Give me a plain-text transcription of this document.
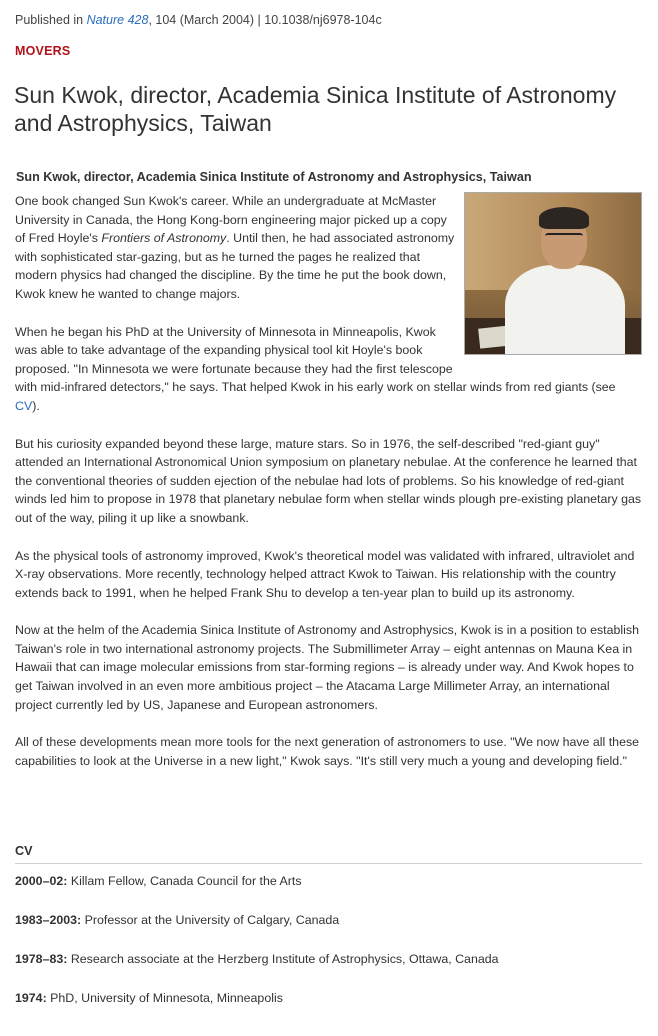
Published in Nature 428, 104 (March 2004) | 10.1038/nj6978-104c
MOVERS
Sun Kwok, director, Academia Sinica Institute of Astronomy and Astrophysics, Taiwan
Sun Kwok, director, Academia Sinica Institute of Astronomy and Astrophysics, Taiwan

One book changed Sun Kwok's career. While an undergraduate at McMaster University in Canada, the Hong Kong-born engineering major picked up a copy of Fred Hoyle's Frontiers of Astronomy. Until then, he had associated astronomy with sophisticated star-gazing, but as he turned the pages he realized that modern physics had changed the discipline. By the time he put the book down, Kwok knew he wanted to change majors.

When he began his PhD at the University of Minnesota in Minneapolis, Kwok was able to take advantage of the expanding physical tool kit Hoyle's book proposed. "In Minnesota we were fortunate because they had the first telescope with mid-infrared detectors," he says. That helped Kwok in his early work on stellar winds from red giants (see CV).

But his curiosity expanded beyond these large, mature stars. So in 1976, the self-described "red-giant guy" attended an International Astronomical Union symposium on planetary nebulae. At the conference he learned that the conventional theories of sudden ejection of the nebulae had lots of problems. So his knowledge of red-giant winds led him to propose in 1978 that planetary nebulae form when stellar winds plough pre-existing planetary gas out of the way, piling it up like a snowbank.

As the physical tools of astronomy improved, Kwok's theoretical model was validated with infrared, ultraviolet and X-ray observations. More recently, technology helped attract Kwok to Taiwan. His relationship with the country extends back to 1991, when he helped Frank Shu to develop a ten-year plan to build up its astronomy.

Now at the helm of the Academia Sinica Institute of Astronomy and Astrophysics, Kwok is in a position to establish Taiwan's role in two international astronomy projects. The Submillimeter Array – eight antennas on Mauna Kea in Hawaii that can image molecular emissions from star-forming regions – is already under way. And Kwok hopes to get Taiwan involved in an even more ambitious project – the Atacama Large Millimeter Array, an international project currently led by US, Japanese and European astronomers.

All of these developments mean more tools for the next generation of astronomers to use. "We now have all these capabilities to look at the Universe in a new light," Kwok says. "It's still very much a young and developing field."

CV
2000–02: Killam Fellow, Canada Council for the Arts
1983–2003: Professor at the University of Calgary, Canada
1978–83: Research associate at the Herzberg Institute of Astrophysics, Ottawa, Canada
1974: PhD, University of Minnesota, Minneapolis
